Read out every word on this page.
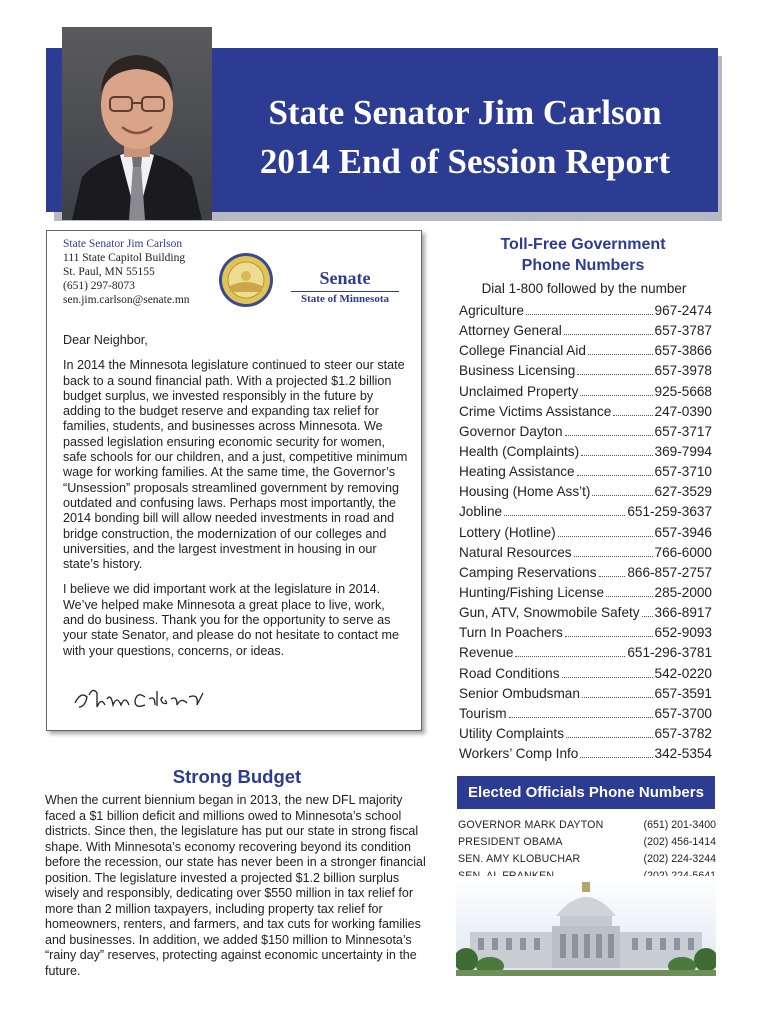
State Senator Jim Carlson
2014 End of Session Report
State Senator Jim Carlson
111 State Capitol Building
St. Paul, MN 55155
(651) 297-8073
sen.jim.carlson@senate.mn
Senate
State of Minnesota

Dear Neighbor,

In 2014 the Minnesota legislature continued to steer our state back to a sound financial path. With a projected $1.2 billion budget surplus, we invested responsibly in the future by adding to the budget reserve and expanding tax relief for families, students, and businesses across Minnesota. We passed legislation ensuring economic security for women, safe schools for our children, and a just, competitive minimum wage for working families. At the same time, the Governor’s “Unsession” proposals streamlined government by removing outdated and confusing laws. Perhaps most importantly, the 2014 bonding bill will allow needed investments in road and bridge construction, the modernization of our colleges and universities, and the largest investment in housing in our state’s history.

I believe we did important work at the legislature in 2014. We’ve helped make Minnesota a great place to live, work, and do business. Thank you for the opportunity to serve as your state Senator, and please do not hesitate to contact me with your questions, concerns, or ideas.

Strong Budget
When the current biennium began in 2013, the new DFL majority faced a $1 billion deficit and millions owed to Minnesota’s school districts. Since then, the legislature has put our state in strong fiscal shape. With Minnesota’s economy recovering beyond its condition before the recession, our state has never been in a stronger financial position. The legislature invested a projected $1.2 billion surplus wisely and responsibly, dedicating over $550 million in tax relief for more than 2 million taxpayers, including property tax relief for homeowners, renters, and farmers, and tax cuts for working families and businesses. In addition, we added $150 million to Minnesota’s “rainy day” reserves, protecting against economic uncertainty in the future.
Toll-Free Government
Phone Numbers
Dial 1-800 followed by the number
Agriculture	967-2474
Attorney General	657-3787
College Financial Aid	657-3866
Business Licensing	657-3978
Unclaimed Property	925-5668
Crime Victims Assistance	247-0390
Governor Dayton	657-3717
Health (Complaints)	369-7994
Heating Assistance	657-3710
Housing (Home Ass’t)	627-3529
Jobline	651-259-3637
Lottery (Hotline)	657-3946
Natural Resources	766-6000
Camping Reservations 866-857-2757
Hunting/Fishing License	285-2000
Gun, ATV, Snowmobile Safety 366-8917
Turn In Poachers	652-9093
Revenue	651-296-3781
Road Conditions	542-0220
Senior Ombudsman	657-3591
Tourism	657-3700
Utility Complaints	657-3782
Workers’ Comp Info	342-5354
Elected Officials Phone Numbers
GOVERNOR MARK DAYTON	(651) 201-3400
PRESIDENT OBAMA	(202) 456-1414
SEN. AMY KLOBUCHAR	(202) 224-3244
